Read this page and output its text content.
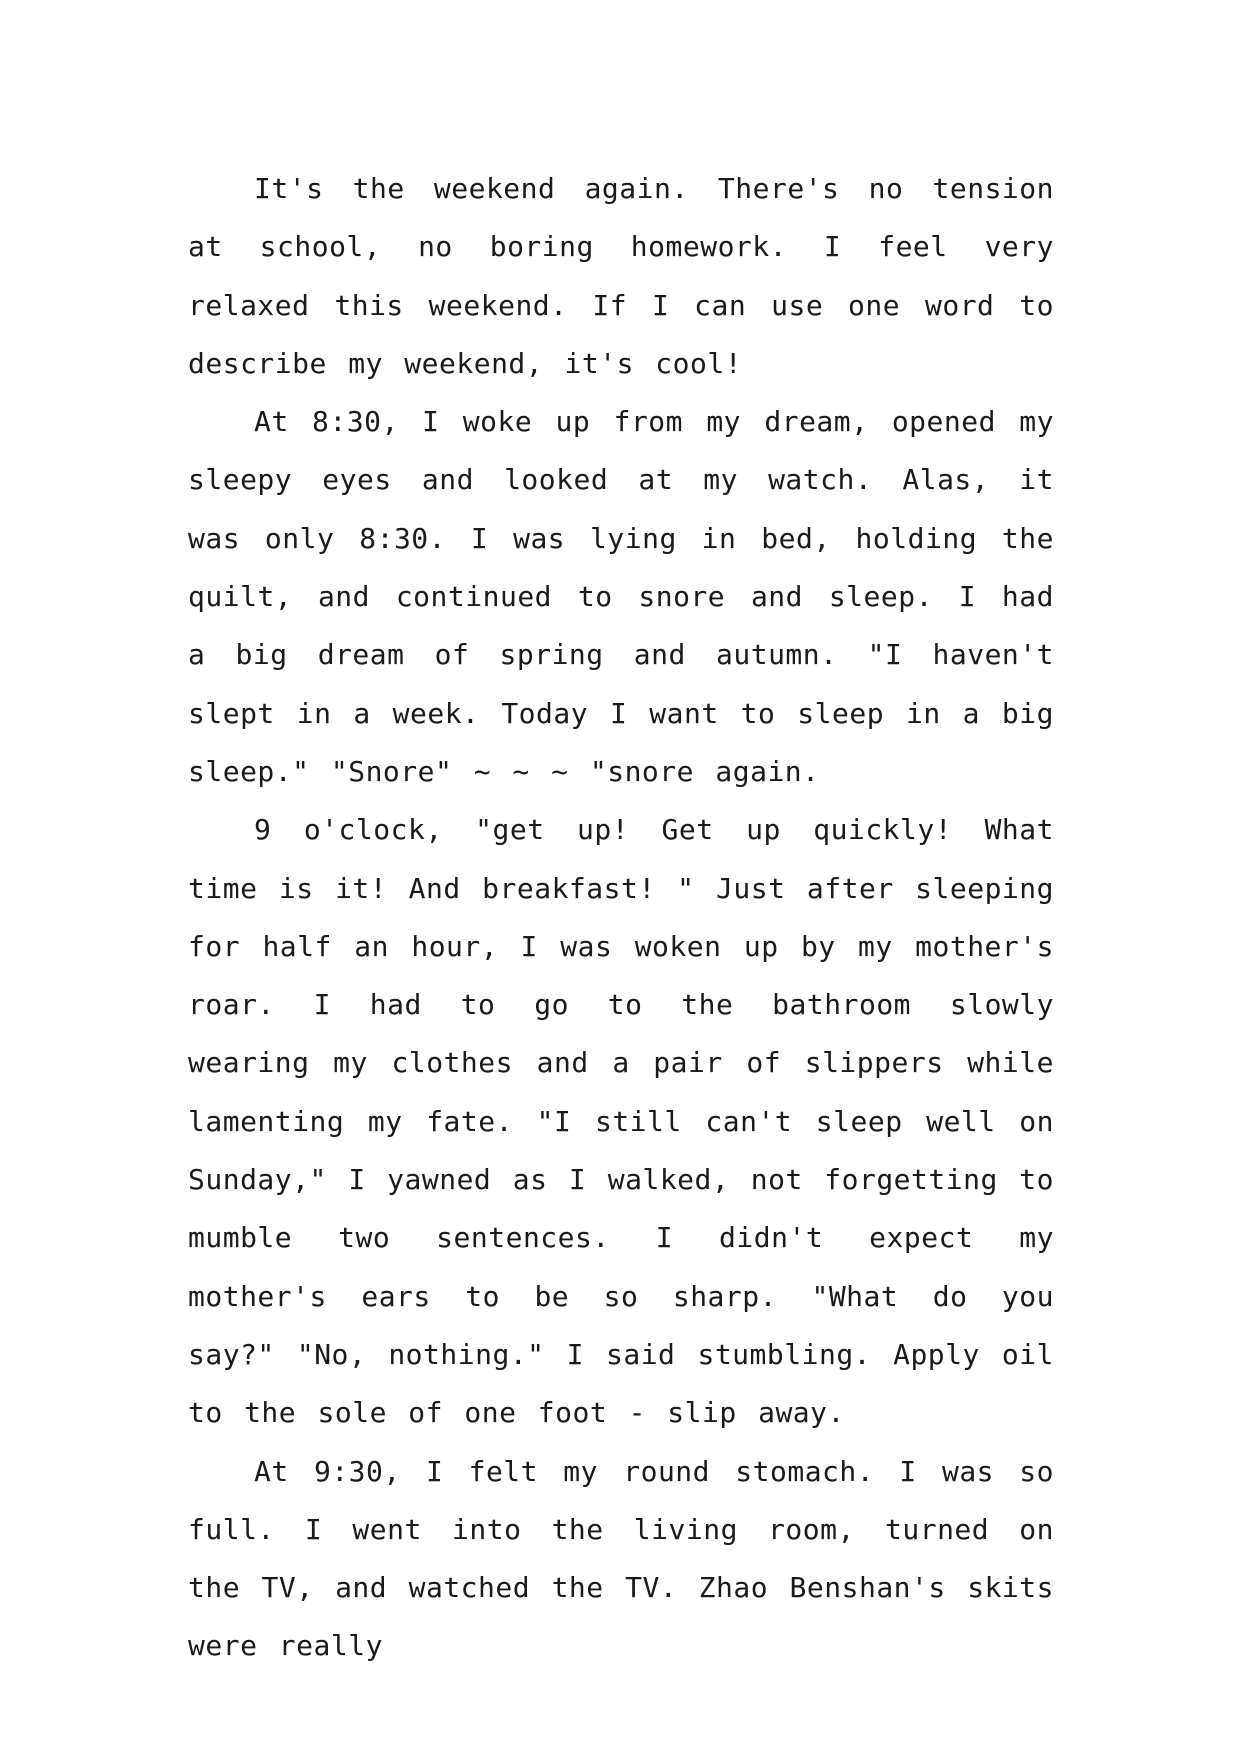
It's the weekend again. There's no tension at school, no boring homework. I feel very relaxed this weekend. If I can use one word to describe my weekend, it's cool!

At 8:30, I woke up from my dream, opened my sleepy eyes and looked at my watch. Alas, it was only 8:30. I was lying in bed, holding the quilt, and continued to snore and sleep. I had a big dream of spring and autumn. "I haven't slept in a week. Today I want to sleep in a big sleep." "Snore" ~ ~ ~ "snore again.

9 o'clock, "get up! Get up quickly! What time is it! And breakfast! " Just after sleeping for half an hour, I was woken up by my mother's roar. I had to go to the bathroom slowly wearing my clothes and a pair of slippers while lamenting my fate. "I still can't sleep well on Sunday," I yawned as I walked, not forgetting to mumble two sentences. I didn't expect my mother's ears to be so sharp. "What do you say?" "No, nothing." I said stumbling. Apply oil to the sole of one foot - slip away.

At 9:30, I felt my round stomach. I was so full. I went into the living room, turned on the TV, and watched the TV. Zhao Benshan's skits were really
